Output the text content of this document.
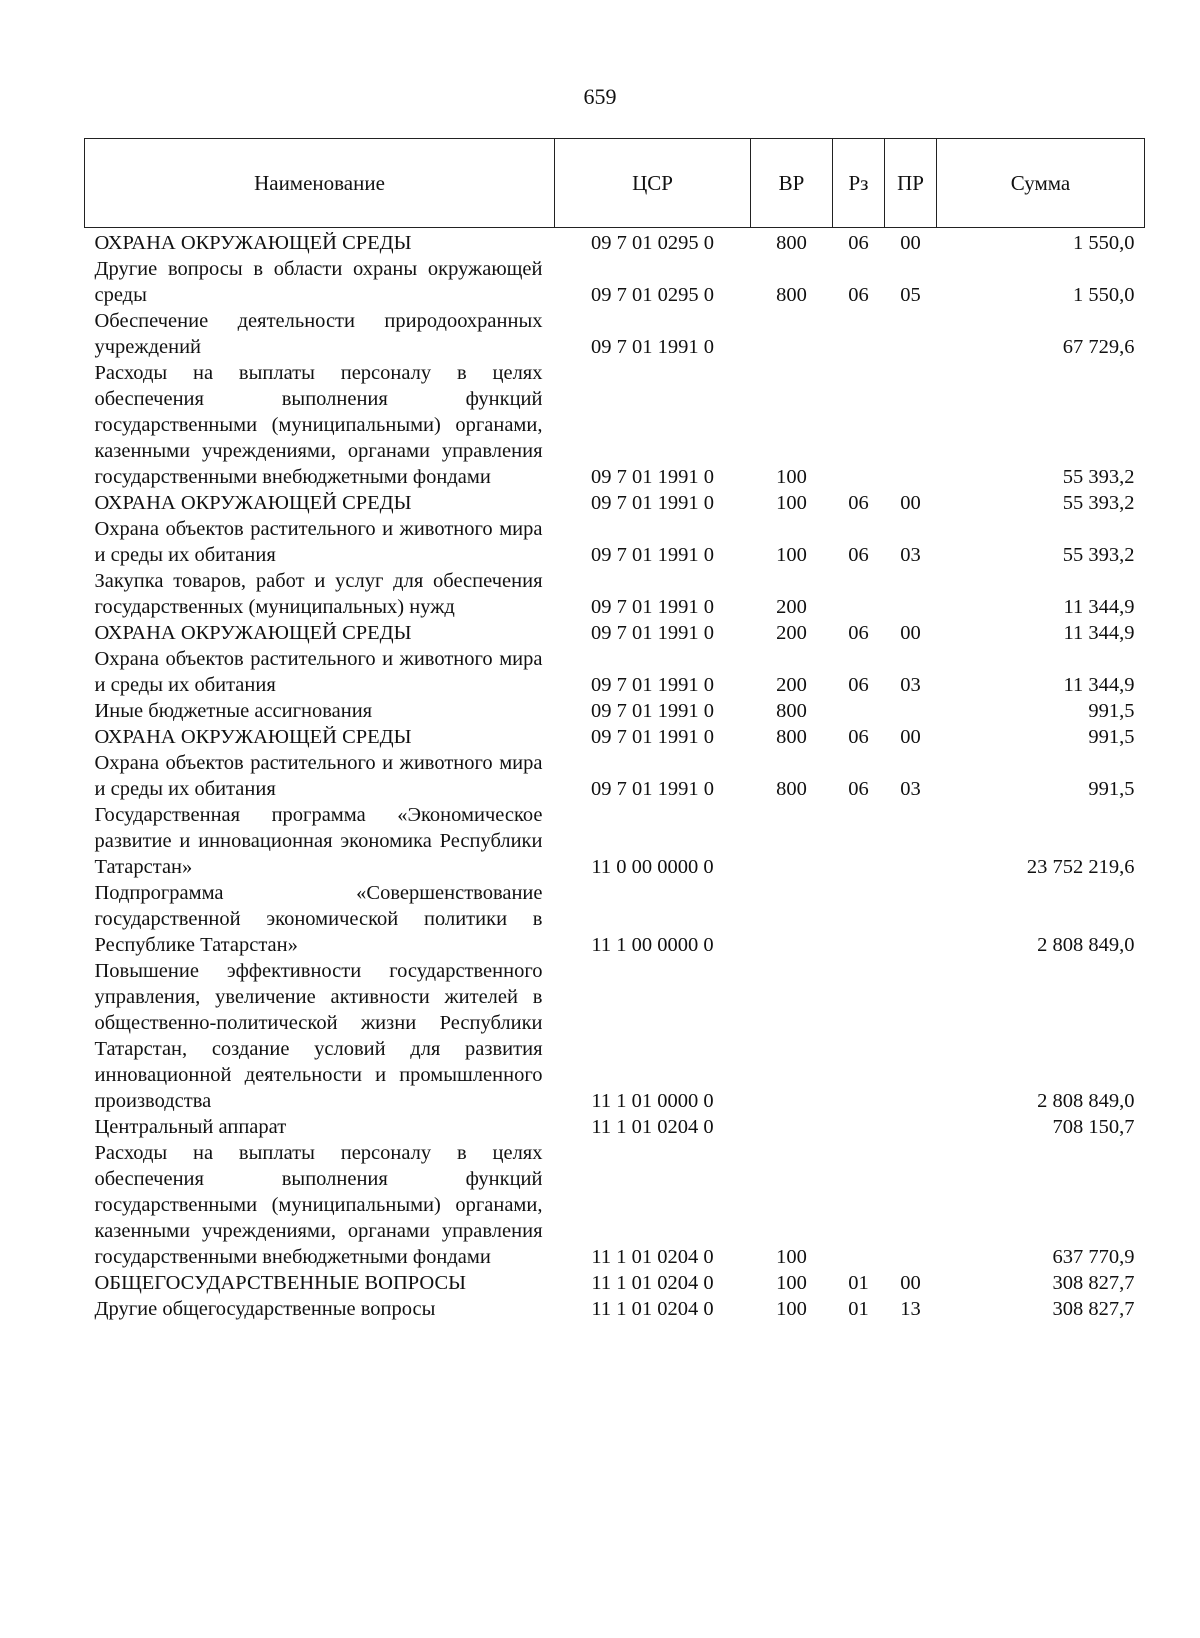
659
Наименование	ЦСР	ВР	Рз	ПР	Сумма
ОХРАНА ОКРУЖАЮЩЕЙ СРЕДЫ	09 7 01 0295 0	800	06	00	1 550,0
Другие вопросы в области охраны окружающей среды	09 7 01 0295 0	800	06	05	1 550,0
Обеспечение деятельности природоохранных учреждений	09 7 01 1991 0				67 729,6
Расходы на выплаты персоналу в целях обеспечения выполнения функций государственными (муниципальными) органами, казенными учреждениями, органами управления государственными внебюджетными фондами	09 7 01 1991 0	100			55 393,2
ОХРАНА ОКРУЖАЮЩЕЙ СРЕДЫ	09 7 01 1991 0	100	06	00	55 393,2
Охрана объектов растительного и животного мира и среды их обитания	09 7 01 1991 0	100	06	03	55 393,2
Закупка товаров, работ и услуг для обеспечения государственных (муниципальных) нужд	09 7 01 1991 0	200			11 344,9
ОХРАНА ОКРУЖАЮЩЕЙ СРЕДЫ	09 7 01 1991 0	200	06	00	11 344,9
Охрана объектов растительного и животного мира и среды их обитания	09 7 01 1991 0	200	06	03	11 344,9
Иные бюджетные ассигнования	09 7 01 1991 0	800			991,5
ОХРАНА ОКРУЖАЮЩЕЙ СРЕДЫ	09 7 01 1991 0	800	06	00	991,5
Охрана объектов растительного и животного мира и среды их обитания	09 7 01 1991 0	800	06	03	991,5
Государственная программа «Экономическое развитие и инновационная экономика Республики Татарстан»	11 0 00 0000 0				23 752 219,6
Подпрограмма «Совершенствование государственной экономической политики в Республике Татарстан»	11 1 00 0000 0				2 808 849,0
Повышение эффективности государственного управления, увеличение активности жителей в общественно-политической жизни Республики Татарстан, создание условий для развития инновационной деятельности и промышленного производства	11 1 01 0000 0				2 808 849,0
Центральный аппарат	11 1 01 0204 0				708 150,7
Расходы на выплаты персоналу в целях обеспечения выполнения функций государственными (муниципальными) органами, казенными учреждениями, органами управления государственными внебюджетными фондами	11 1 01 0204 0	100			637 770,9
ОБЩЕГОСУДАРСТВЕННЫЕ ВОПРОСЫ	11 1 01 0204 0	100	01	00	308 827,7
Другие общегосударственные вопросы	11 1 01 0204 0	100	01	13	308 827,7
